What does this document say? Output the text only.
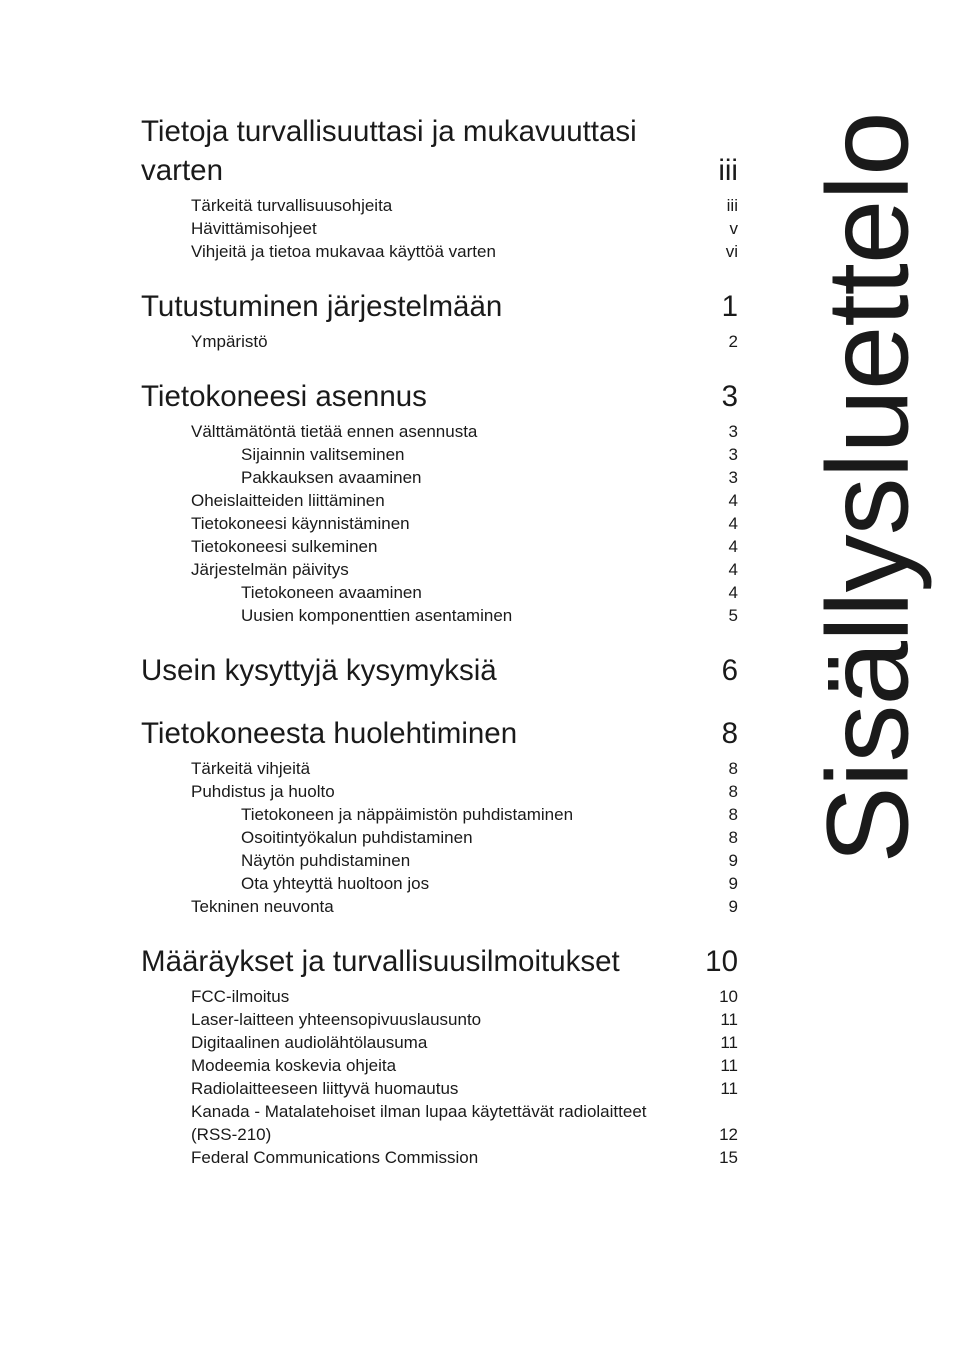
Tietoja turvallisuuttasi ja mukavuuttasi varten	iii
Tärkeitä turvallisuusohjeita	iii
Hävittämisohjeet	v
Vihjeitä ja tietoa mukavaa käyttöä varten	vi
Tutustuminen järjestelmään	1
Ympäristö	2
Tietokoneesi asennus	3
Välttämätöntä tietää ennen asennusta	3
Sijainnin valitseminen	3
Pakkauksen avaaminen	3
Oheislaitteiden liittäminen	4
Tietokoneesi käynnistäminen	4
Tietokoneesi sulkeminen	4
Järjestelmän päivitys	4
Tietokoneen avaaminen	4
Uusien komponenttien asentaminen	5
Usein kysyttyjä kysymyksiä	6
Tietokoneesta huolehtiminen	8
Tärkeitä vihjeitä	8
Puhdistus ja huolto	8
Tietokoneen ja näppäimistön puhdistaminen	8
Osoitintyökalun puhdistaminen	8
Näytön puhdistaminen	9
Ota yhteyttä huoltoon jos	9
Tekninen neuvonta	9
Määräykset ja turvallisuusilmoitukset	10
FCC-ilmoitus	10
Laser-laitteen yhteensopivuuslausunto	11
Digitaalinen audiolähtölausuma	11
Modeemia koskevia ohjeita	11
Radiolaitteeseen liittyvä huomautus	11
Kanada - Matalatehoiset ilman lupaa käytettävät radiolaitteet (RSS-210)	12
Federal Communications Commission	15
Sisällysluettelo
